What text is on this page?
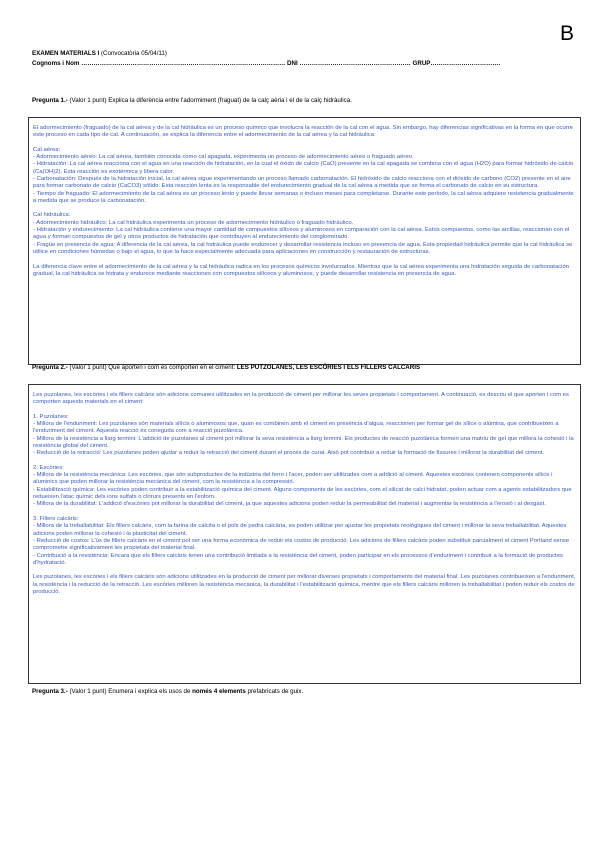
B
EXAMEN MATERIALS I (Convocatòria 05/04/11)
Cognoms i Nom ……………………………………………………………………………………… DNI ……………………………………………… GRUP…………………………….
Pregunta 1.- (Valor 1 punt) Explica la diferència entre l'adormiment (fraguat) de la calç aèria i el de la calç hidràulica.

El adormecimiento (fraguado) de la cal aérea y de la cal hidráulica es un proceso químico que involucra la reacción de la cal con el agua. Sin embargo, hay diferencias significativas en la forma en que ocurre este proceso en cada tipo de cal. A continuación, se explica la diferencia entre el adormecimiento de la cal aérea y la cal hidráulica:

Cal aérea:

- Adormecimiento aéreo: La cal aérea, también conocida como cal apagada, experimenta un proceso de adormecimiento aéreo o fraguado aéreo.

- Hidratación: La cal aérea reacciona con el agua en una reacción de hidratación, en la cual el óxido de calcio (CaO) presente en la cal apagada se combina con el agua (H2O) para formar hidróxido de calcio (Ca(OH)2). Esta reacción es exotérmica y libera calor.

- Carbonatación: Después de la hidratación inicial, la cal aérea sigue experimentando un proceso llamado carbonatación. El hidróxido de calcio reacciona con el dióxido de carbono (CO2) presente en el aire para formar carbonato de calcio (CaCO3) sólido. Esta reacción lenta es la responsable del endurecimiento gradual de la cal aérea a medida que se forma el carbonato de calcio en su estructura.

- Tiempo de fraguado: El adormecimiento de la cal aérea es un proceso lento y puede llevar semanas o incluso meses para completarse. Durante este período, la cal aérea adquiere resistencia gradualmente a medida que se produce la carbonatación.

Cal hidráulica:

- Adormecimiento hidráulico: La cal hidráulica experimenta un proceso de adormecimiento hidráulico o fraguado hidráulico.

- Hidratación y endurecimiento: La cal hidráulica contiene una mayor cantidad de compuestos silíceos y aluminosos en comparación con la cal aérea. Estos compuestos, como las arcillas, reaccionan con el agua y forman compuestos de gel y otros productos de hidratación que contribuyen al endurecimiento del conglomerado.

- Fragüe en presencia de agua: A diferencia de la cal aérea, la cal hidráulica puede endurecer y desarrollar resistencia incluso en presencia de agua. Esta propiedad hidráulica permite que la cal hidráulica se utilice en condiciones húmedas o bajo el agua, lo que la hace especialmente adecuada para aplicaciones en construcción y restauración de estructuras.

La diferencia clave entre el adormecimiento de la cal aérea y la cal hidráulica radica en los procesos químicos involucrados. Mientras que la cal aérea experimenta una hidratación seguida de carbonatación gradual, la cal hidráulica se hidrata y endurece mediante reacciones con compuestos silíceos y aluminosos, y puede desarrollar resistencia en presencia de agua.

Pregunta 2.- (Valor 1 punt) Què aporten i com es comporten en el ciment: LES PUTZOLANES, LES ESCÒRIES I ELS FILLERS CALCARIS

Les puzolanes, les escòries i els fillers calcàris són adicions comunes utilitzades en la producció de ciment per millorar les seves propietats i comportament. A continuació, es descriu el que aporten i com es comporten aquests materials en el ciment:

1. Puzolanes:

- Millora de l'enduriment: Les puzolanes són materials silícis o aluminosos que, quan es combinen amb el ciment en presència d'aigua, reaccionen per formar gel de sílice o alúmina, que contribueixen a l'enduriment del ciment. Aquesta reacció és coneguda com a reacció puzolànica.

- Millora de la resistència a llarg termini: L'addició de puzolanes al ciment pot millorar la seva resistència a llarg termini. Els productes de reacció puzolànica formen una matriu de gel que millora la cohesió i la resistència global del ciment.

- Reducció de la retracció: Les puzolanes poden ajudar a reduir la retracció del ciment durant el procés de curat. Això pot contribuir a reduir la formació de fissures i millorar la durabilitat del ciment.

2. Escòries:

- Millora de la resistència mecànica: Les escòries, que són subproductes de la indústria del ferro i l'acer, poden ser utilitzades com a addició al ciment. Aquestes escòries contenen components silícis i aluminics que poden millorar la resistència mecànica del ciment, com la resistència a la compressió.

- Estabilització química: Les escòries poden contribuir a la estabilització química del ciment. Alguns components de les escòries, com el silicat de calci hidratat, poden actuar com a agents estabilitzadors que redueixen l'atac químic dels ions sulfats o clorurs presents en l'entorn.

- Millora de la durabilitat: L'addició d'escòries pot millorar la durabilitat del ciment, ja que aquestes adicions poden reduir la permeabilitat del material i augmentar la resistència a l'erosió i al desgast.

3. Fillers calcàris:

- Millora de la treballabilitat: Els fillers calcàris, com la farina de calcita o el pols de pedra calcària, es poden utilitzar per ajustar les propietats reològiques del ciment i millorar la seva treballabilitat. Aquestes adicions poden millorar la cohesió i la plasticitat del ciment.

- Reducció de costos: L'ús de fillers calcàris en el ciment pot ser una forma econòmica de reduir els costos de producció. Les adicions de fillers calcàris poden substituir parcialment el ciment Portland sense comprometre significativament les propietats del material final.

- Contribució a la resistència: Encara que els fillers calcàris tenen una contribució limitada a la resistència del ciment, poden participar en els processos d'enduriment i contribuir a la formació de productes d'hydratació.

Les puzolanes, les escòries i els fillers calcàris són adicions utilitzades en la producció de ciment per millorar diverses propietats i comportaments del material final. Les puzolanes contribueixen a l'enduriment, la resistència i la reducció de la retracció. Les escòries milloren la resistència mecànica, la durabilitat i l'estabilització química, mentre que els fillers calcàris milloren la treballabilitat i poden reduir els costos de producció.

Pregunta 3.- (Valor 1 punt) Enumera i explica els usos de només 4 elements prefabricats de guix.
